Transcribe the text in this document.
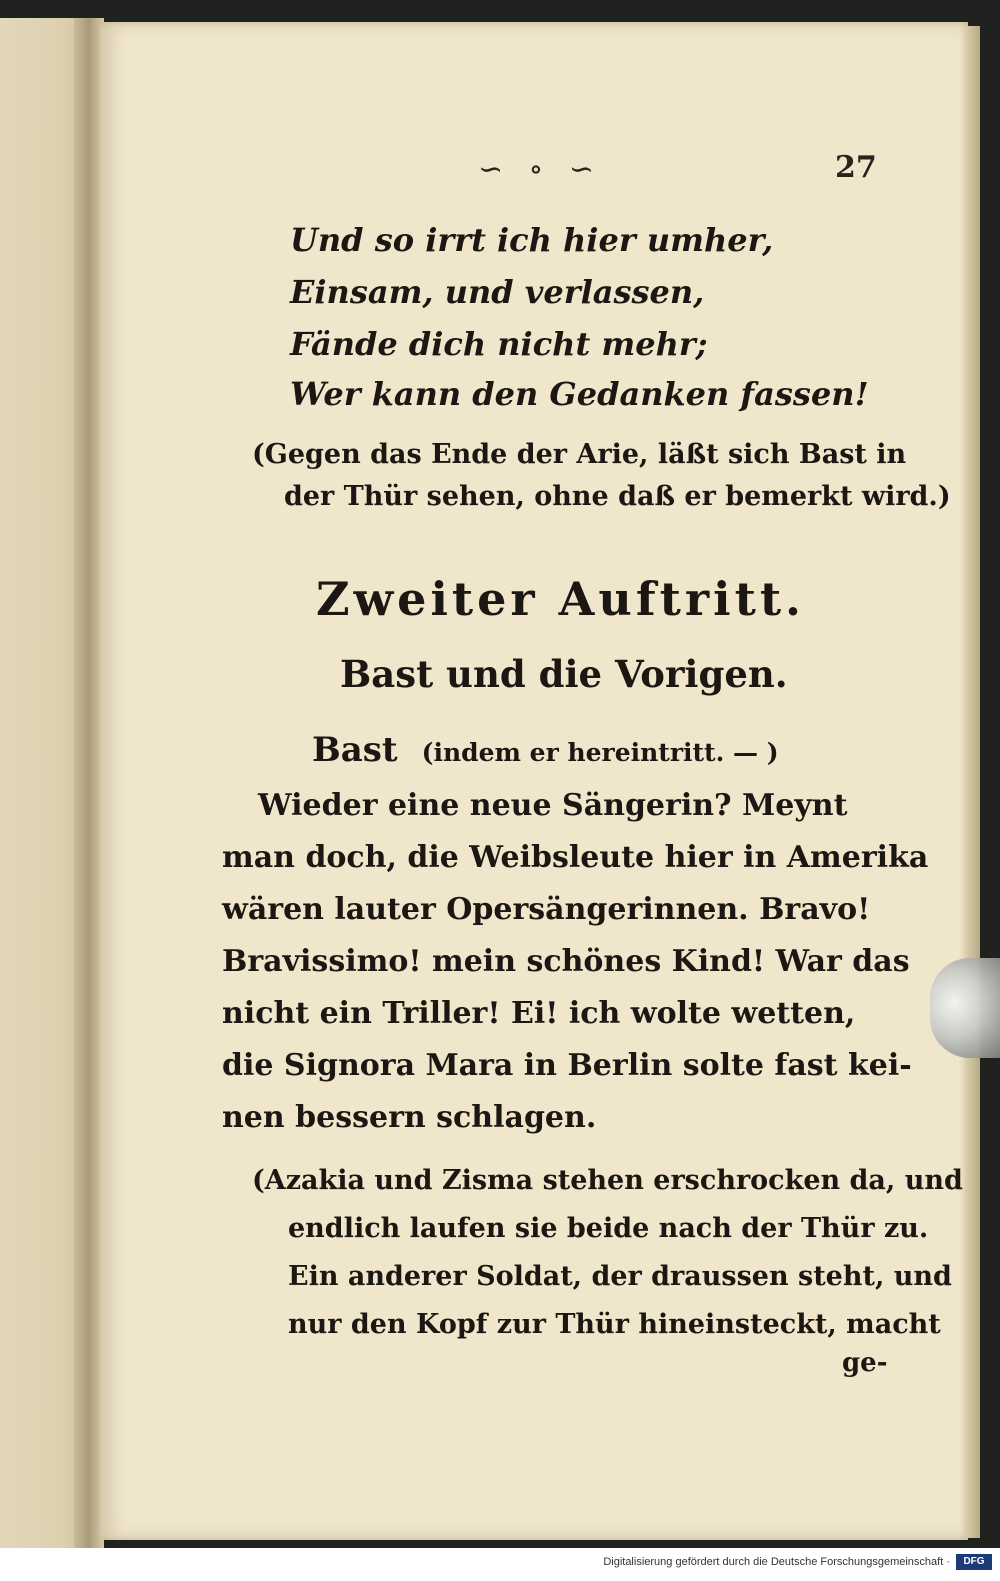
∽ ∘ ∽	27
Und so irrt ich hier umher,
Einsam, und verlassen,
Fände dich nicht mehr;
Wer kann den Gedanken fassen!
(Gegen das Ende der Arie, läßt sich Bast in
der Thür sehen, ohne daß er bemerkt wird.)
Zweiter Auftritt.
Bast und die Vorigen.
Bast (indem er hereintritt. — )
Wieder eine neue Sängerin? Meynt
man doch, die Weibsleute hier in Amerika
wären lauter Opersängerinnen. Bravo!
Bravissimo! mein schönes Kind! War das
nicht ein Triller! Ei! ich wolte wetten,
die Signora Mara in Berlin solte fast kei-
nen bessern schlagen.
(Azakia und Zisma stehen erschrocken da, und
endlich laufen sie beide nach der Thür zu.
Ein anderer Soldat, der draussen steht, und
nur den Kopf zur Thür hineinsteckt, macht
ge-
Digitalisierung gefördert durch die Deutsche Forschungsgemeinschaft ·	DFG
